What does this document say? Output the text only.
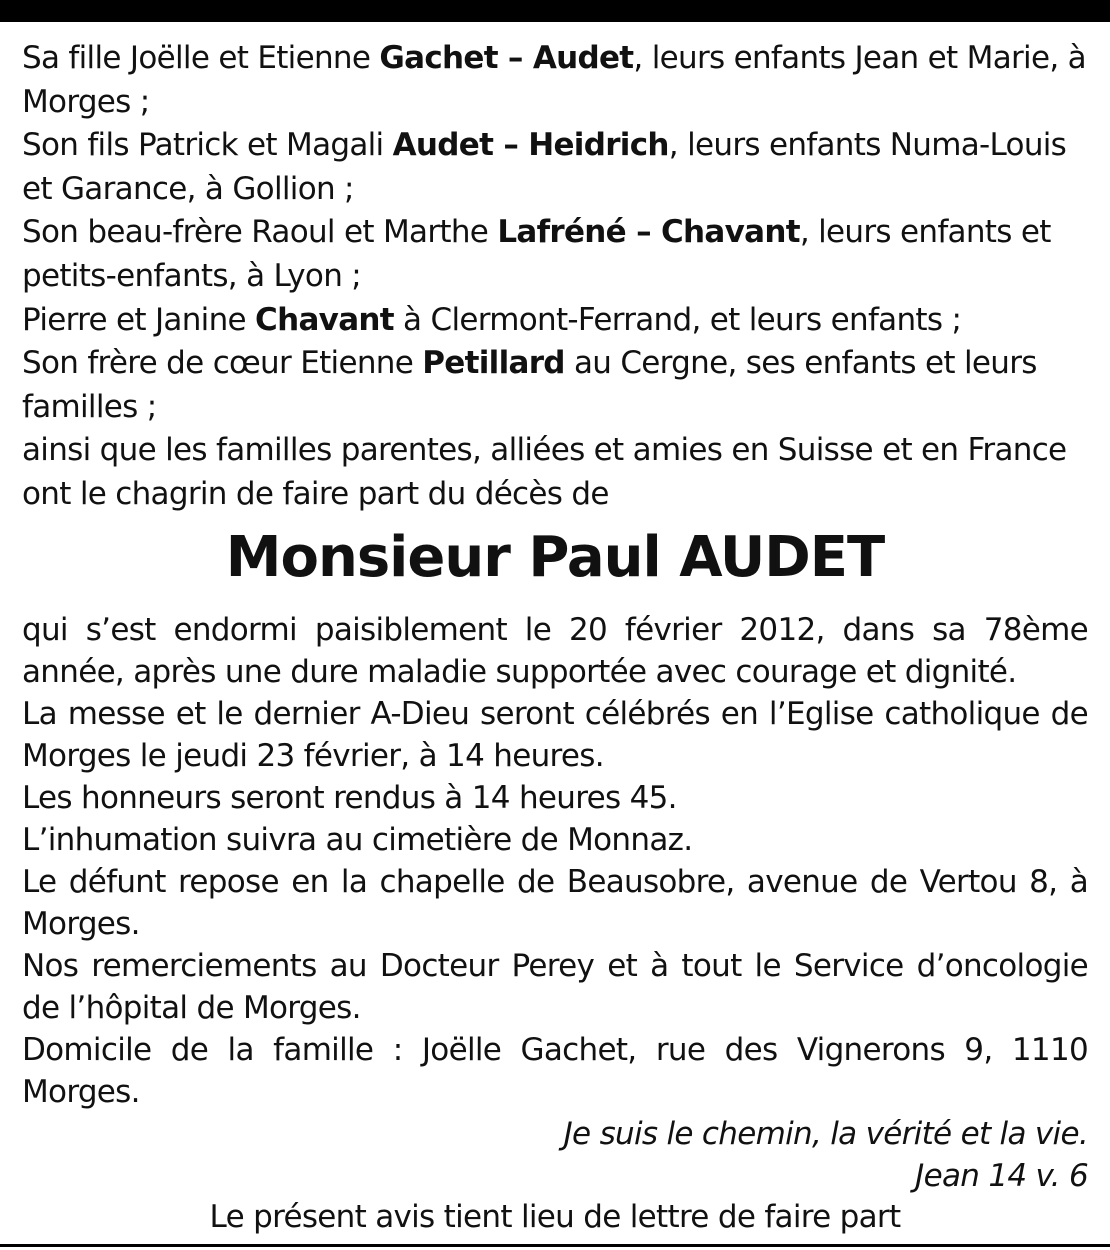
Sa fille Joëlle et Etienne Gachet – Audet, leurs enfants Jean et Marie, à Morges ;

Son fils Patrick et Magali Audet – Heidrich, leurs enfants Numa-Louis et Garance, à Gollion ;

Son beau-frère Raoul et Marthe Lafréné – Chavant, leurs enfants et petits-enfants, à Lyon ;

Pierre et Janine Chavant à Clermont-Ferrand, et leurs enfants ;

Son frère de cœur Etienne Petillard au Cergne, ses enfants et leurs familles ;

ainsi que les familles parentes, alliées et amies en Suisse et en France ont le chagrin de faire part du décès de

Monsieur Paul AUDET

qui s’est endormi paisiblement le 20 février 2012, dans sa 78ème année, après une dure maladie supportée avec courage et dignité.

La messe et le dernier A-Dieu seront célébrés en l’Eglise catholique de Morges le jeudi 23 février, à 14 heures.

Les honneurs seront rendus à 14 heures 45.

L’inhumation suivra au cimetière de Monnaz.

Le défunt repose en la chapelle de Beausobre, avenue de Vertou 8, à Morges.

Nos remerciements au Docteur Perey et à tout le Service d’oncologie de l’hôpital de Morges.

Domicile de la famille : Joëlle Gachet, rue des Vignerons 9, 1110 Morges.

Je suis le chemin, la vérité et la vie.
Jean 14 v. 6
Le présent avis tient lieu de lettre de faire part
